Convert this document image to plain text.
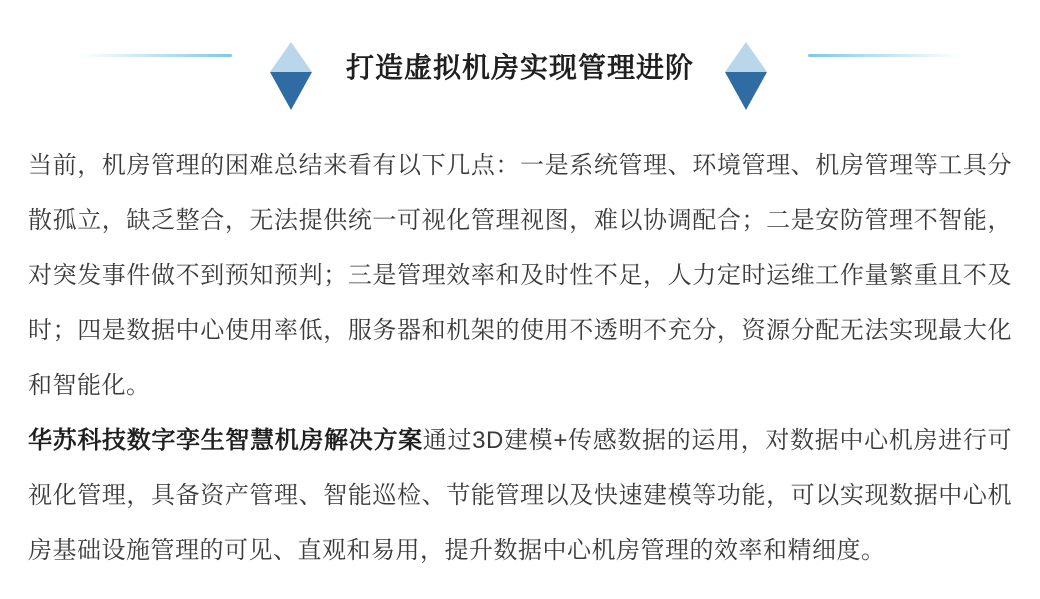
打造虚拟机房实现管理进阶

当前，机房管理的困难总结来看有以下几点：一是系统管理、环境管理、机房管理等工具分散孤立，缺乏整合，无法提供统一可视化管理视图，难以协调配合；二是安防管理不智能，对突发事件做不到预知预判；三是管理效率和及时性不足，人力定时运维工作量繁重且不及时；四是数据中心使用率低，服务器和机架的使用不透明不充分，资源分配无法实现最大化和智能化。

华苏科技数字孪生智慧机房解决方案通过3D建模+传感数据的运用，对数据中心机房进行可视化管理，具备资产管理、智能巡检、节能管理以及快速建模等功能，可以实现数据中心机房基础设施管理的可见、直观和易用，提升数据中心机房管理的效率和精细度。
